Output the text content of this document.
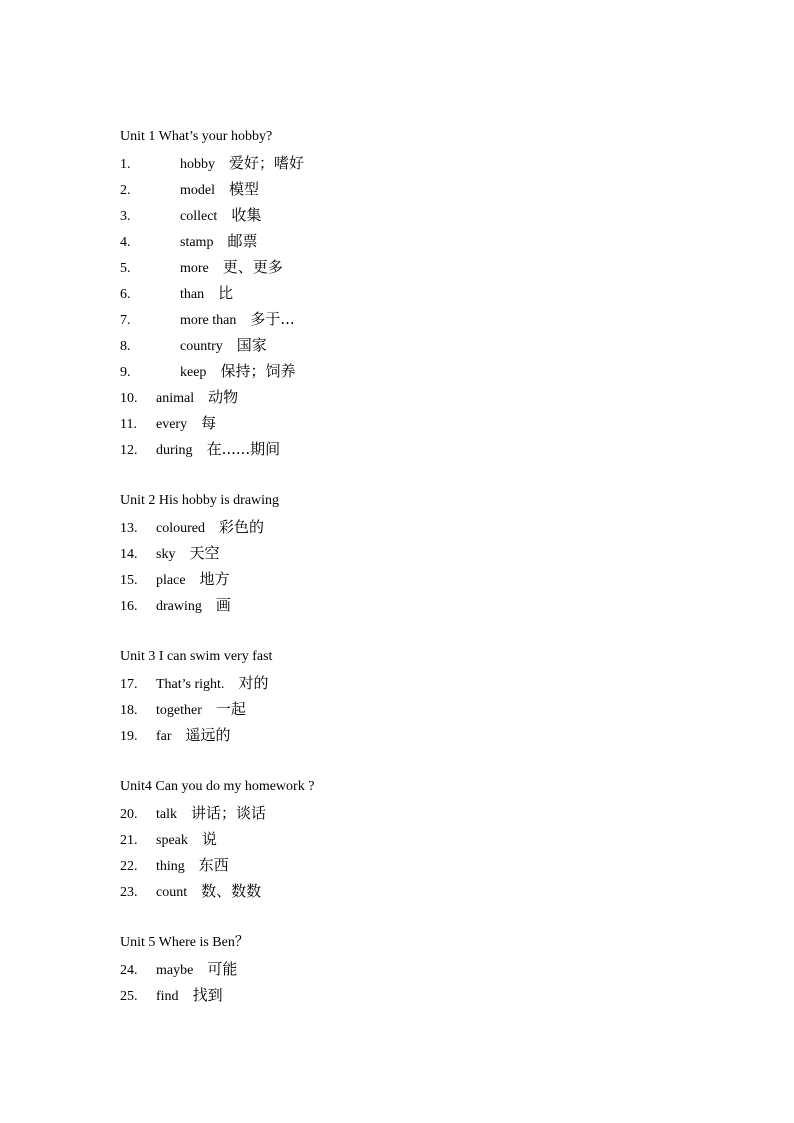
Unit 1 What’s your hobby?
1.	hobby 爱好；嗜好
2.	model 模型
3.	collect 收集
4.	stamp 邮票
5.	more 更、更多
6.	than 比
7.	more than 多于...
8.	country 国家
9.	keep 保持；饲养
10. animal 动物
11. every 每
12. during 在......期间
Unit 2 His hobby is drawing
13. coloured 彩色的
14. sky 天空
15. place 地方
16. drawing 画
Unit 3 I can swim very fast
17. That’s right. 对的
18. together 一起
19. far 遥远的
Unit4 Can you do my homework ?
20. talk 讲话；谈话
21. speak 说
22. thing 东西
23. count 数、数数
Unit 5 Where is Ben？
24. maybe 可能
25. find 找到
